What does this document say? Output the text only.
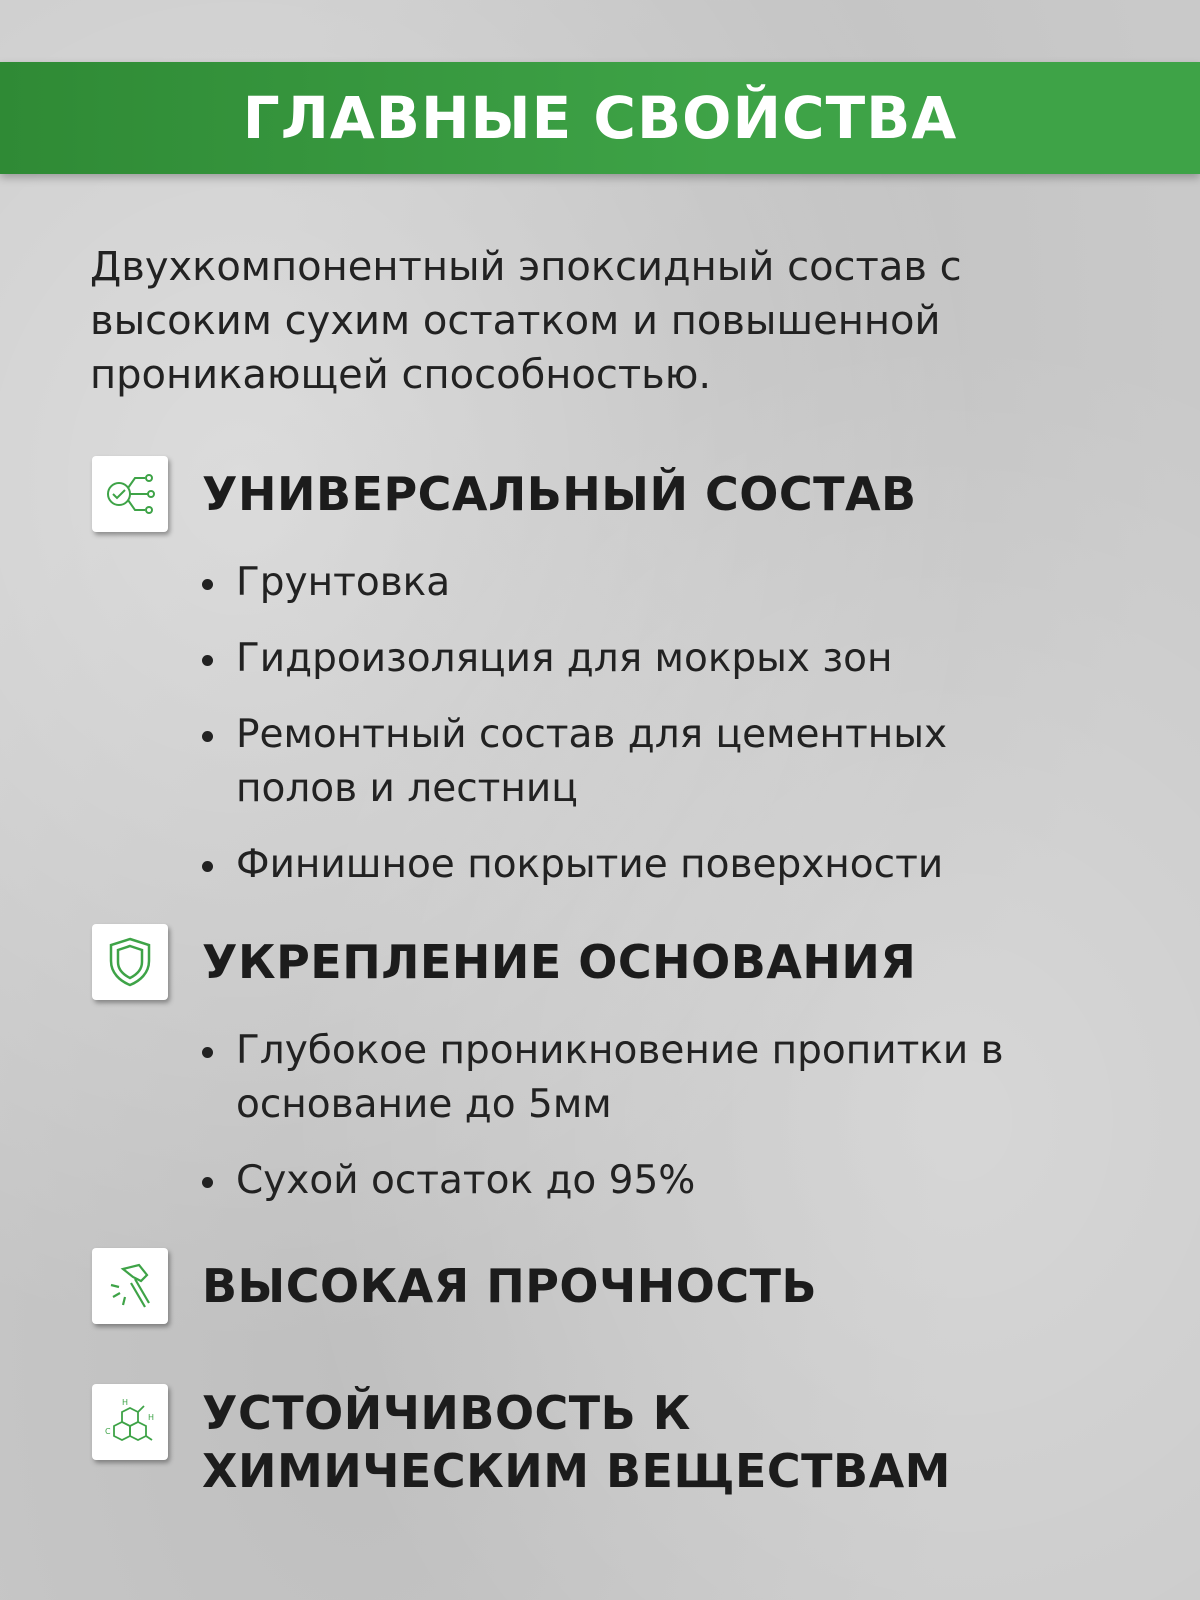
ГЛАВНЫЕ СВОЙСТВА

Двухкомпонентный эпоксидный состав с высоким сухим остатком и повышенной проникающей способностью.

УНИВЕРСАЛЬНЫЙ СОСТАВ
Грунтовка
Гидроизоляция для мокрых зон
Ремонтный состав для цементных полов и лестниц
Финишное покрытие поверхности
УКРЕПЛЕНИЕ ОСНОВАНИЯ
Глубокое проникновение пропитки в основание до 5мм
Сухой остаток до 95%
ВЫСОКАЯ ПРОЧНОСТЬ
H
C
H УСТОЙЧИВОСТЬ К ХИМИЧЕСКИМ ВЕЩЕСТВАМ
